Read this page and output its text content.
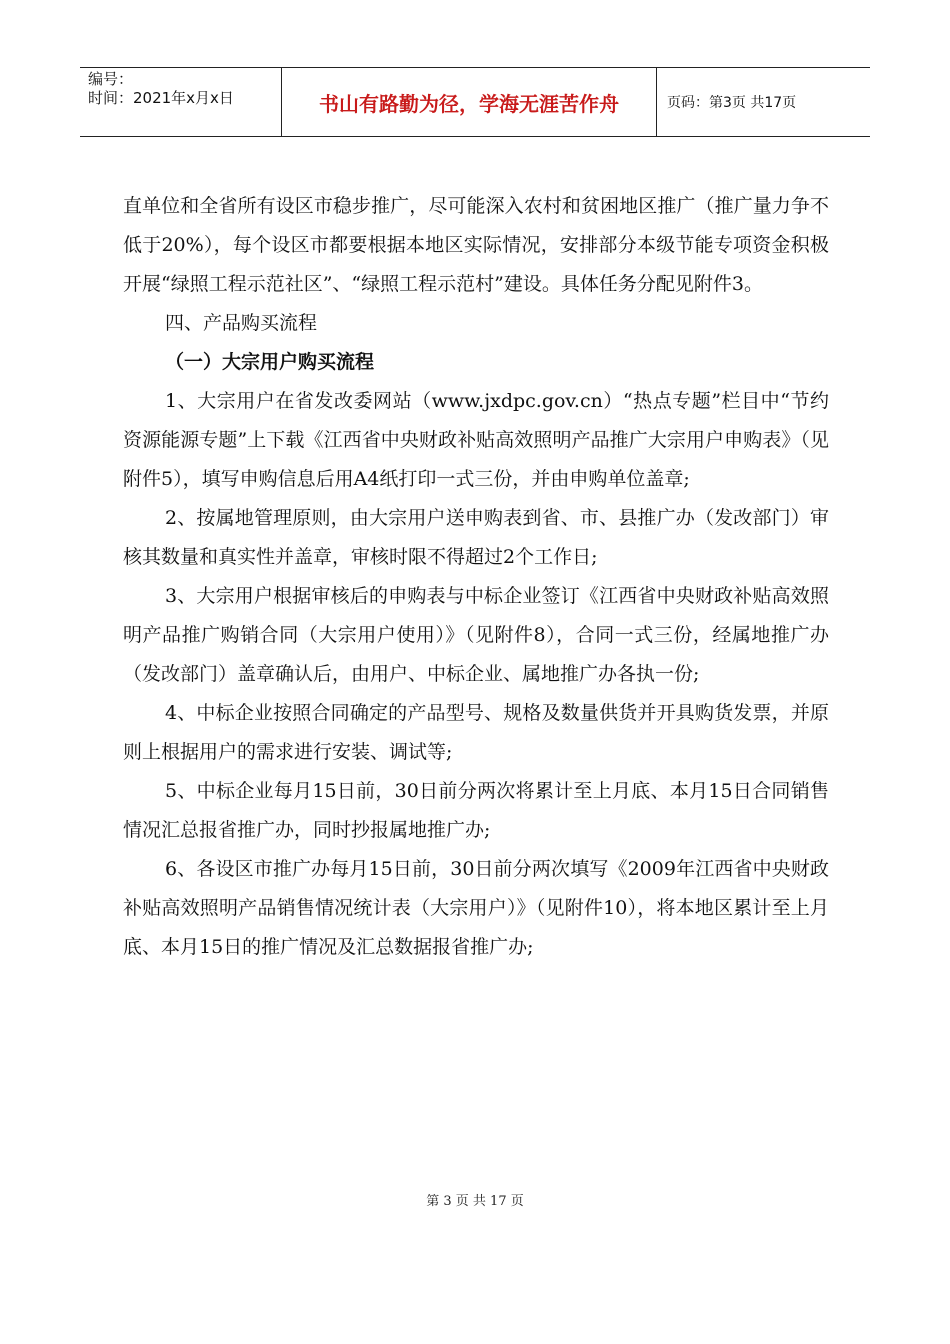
编号：
时间：2021年x月x日	书山有路勤为径，学海无涯苦作舟	页码：第3页 共17页

直单位和全省所有设区市稳步推广，尽可能深入农村和贫困地区推广（推广量力争不低于20%），每个设区市都要根据本地区实际情况，安排部分本级节能专项资金积极开展“绿照工程示范社区”、“绿照工程示范村”建设。具体任务分配见附件3。

四、产品购买流程

（一）大宗用户购买流程

1、大宗用户在省发改委网站（www.jxdpc.gov.cn）“热点专题”栏目中“节约资源能源专题”上下载《江西省中央财政补贴高效照明产品推广大宗用户申购表》（见附件5），填写申购信息后用A4纸打印一式三份，并由申购单位盖章;

2、按属地管理原则，由大宗用户送申购表到省、市、县推广办（发改部门）审核其数量和真实性并盖章，审核时限不得超过2个工作日;

3、大宗用户根据审核后的申购表与中标企业签订《江西省中央财政补贴高效照明产品推广购销合同（大宗用户使用）》（见附件8），合同一式三份，经属地推广办（发改部门）盖章确认后，由用户、中标企业、属地推广办各执一份;

4、中标企业按照合同确定的产品型号、规格及数量供货并开具购货发票，并原则上根据用户的需求进行安装、调试等;

5、中标企业每月15日前，30日前分两次将累计至上月底、本月15日合同销售情况汇总报省推广办，同时抄报属地推广办;

6、各设区市推广办每月15日前，30日前分两次填写《2009年江西省中央财政补贴高效照明产品销售情况统计表（大宗用户）》（见附件10），将本地区累计至上月底、本月15日的推广情况及汇总数据报省推广办;

第 3 页 共 17 页
